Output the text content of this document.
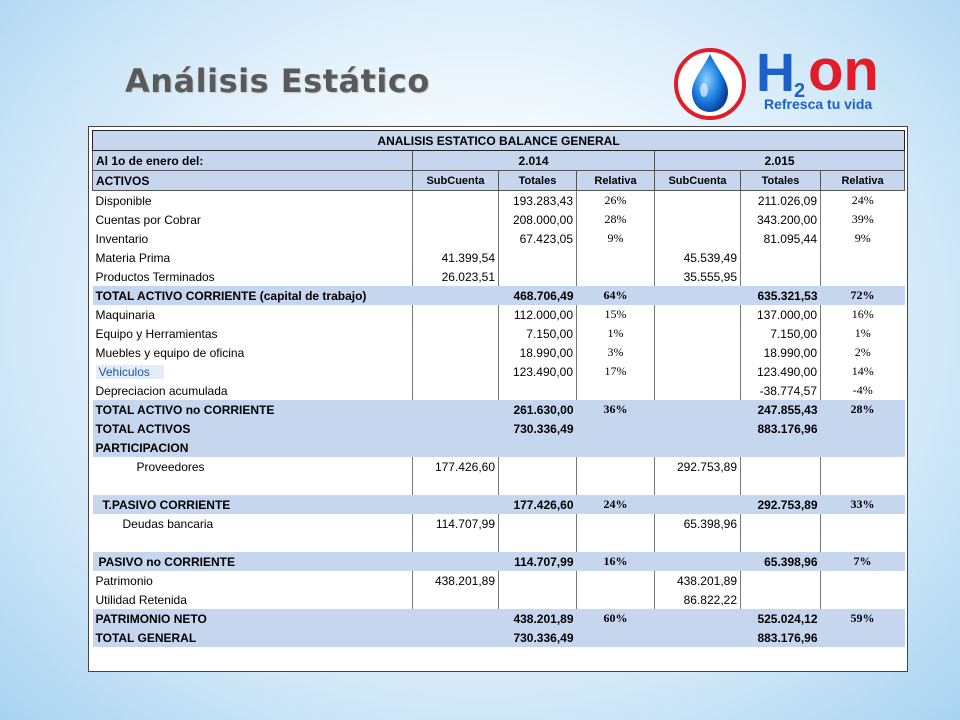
Análisis Estático	H 2 on
Refresca tu vida
ANALISIS ESTATICO BALANCE GENERAL						
Al 1o de enero del:	2.014			2.015		
ACTIVOS	SubCuenta	Totales	Relativa	SubCuenta	Totales	Relativa
Disponible		193.283,43	26%		211.026,09	24%
Cuentas por Cobrar		208.000,00	28%		343.200,00	39%
Inventario		67.423,05	9%		81.095,44	9%
Materia Prima	41.399,54			45.539,49		
Productos Terminados	26.023,51			35.555,95		
TOTAL ACTIVO CORRIENTE (capital de trabajo)		468.706,49	64%		635.321,53	72%
Maquinaria		112.000,00	15%		137.000,00	16%
Equipo y Herramientas		7.150,00	1%		7.150,00	1%
Muebles y equipo de oficina		18.990,00	3%		18.990,00	2%
Vehiculos		123.490,00	17%		123.490,00	14%
Depreciacion acumulada					-38.774,57	-4%
TOTAL ACTIVO no CORRIENTE		261.630,00	36%		247.855,43	28%
TOTAL ACTIVOS		730.336,49			883.176,96	
PARTICIPACION						
Proveedores	177.426,60			292.753,89		

T.PASIVO CORRIENTE		177.426,60	24%		292.753,89	33%
Deudas bancaria	114.707,99			65.398,96		

PASIVO no CORRIENTE		114.707,99	16%		65.398,96	7%
Patrimonio	438.201,89			438.201,89		
Utilidad Retenida				86.822,22		
PATRIMONIO NETO		438.201,89	60%		525.024,12	59%
TOTAL GENERAL		730.336,49			883.176,96	
